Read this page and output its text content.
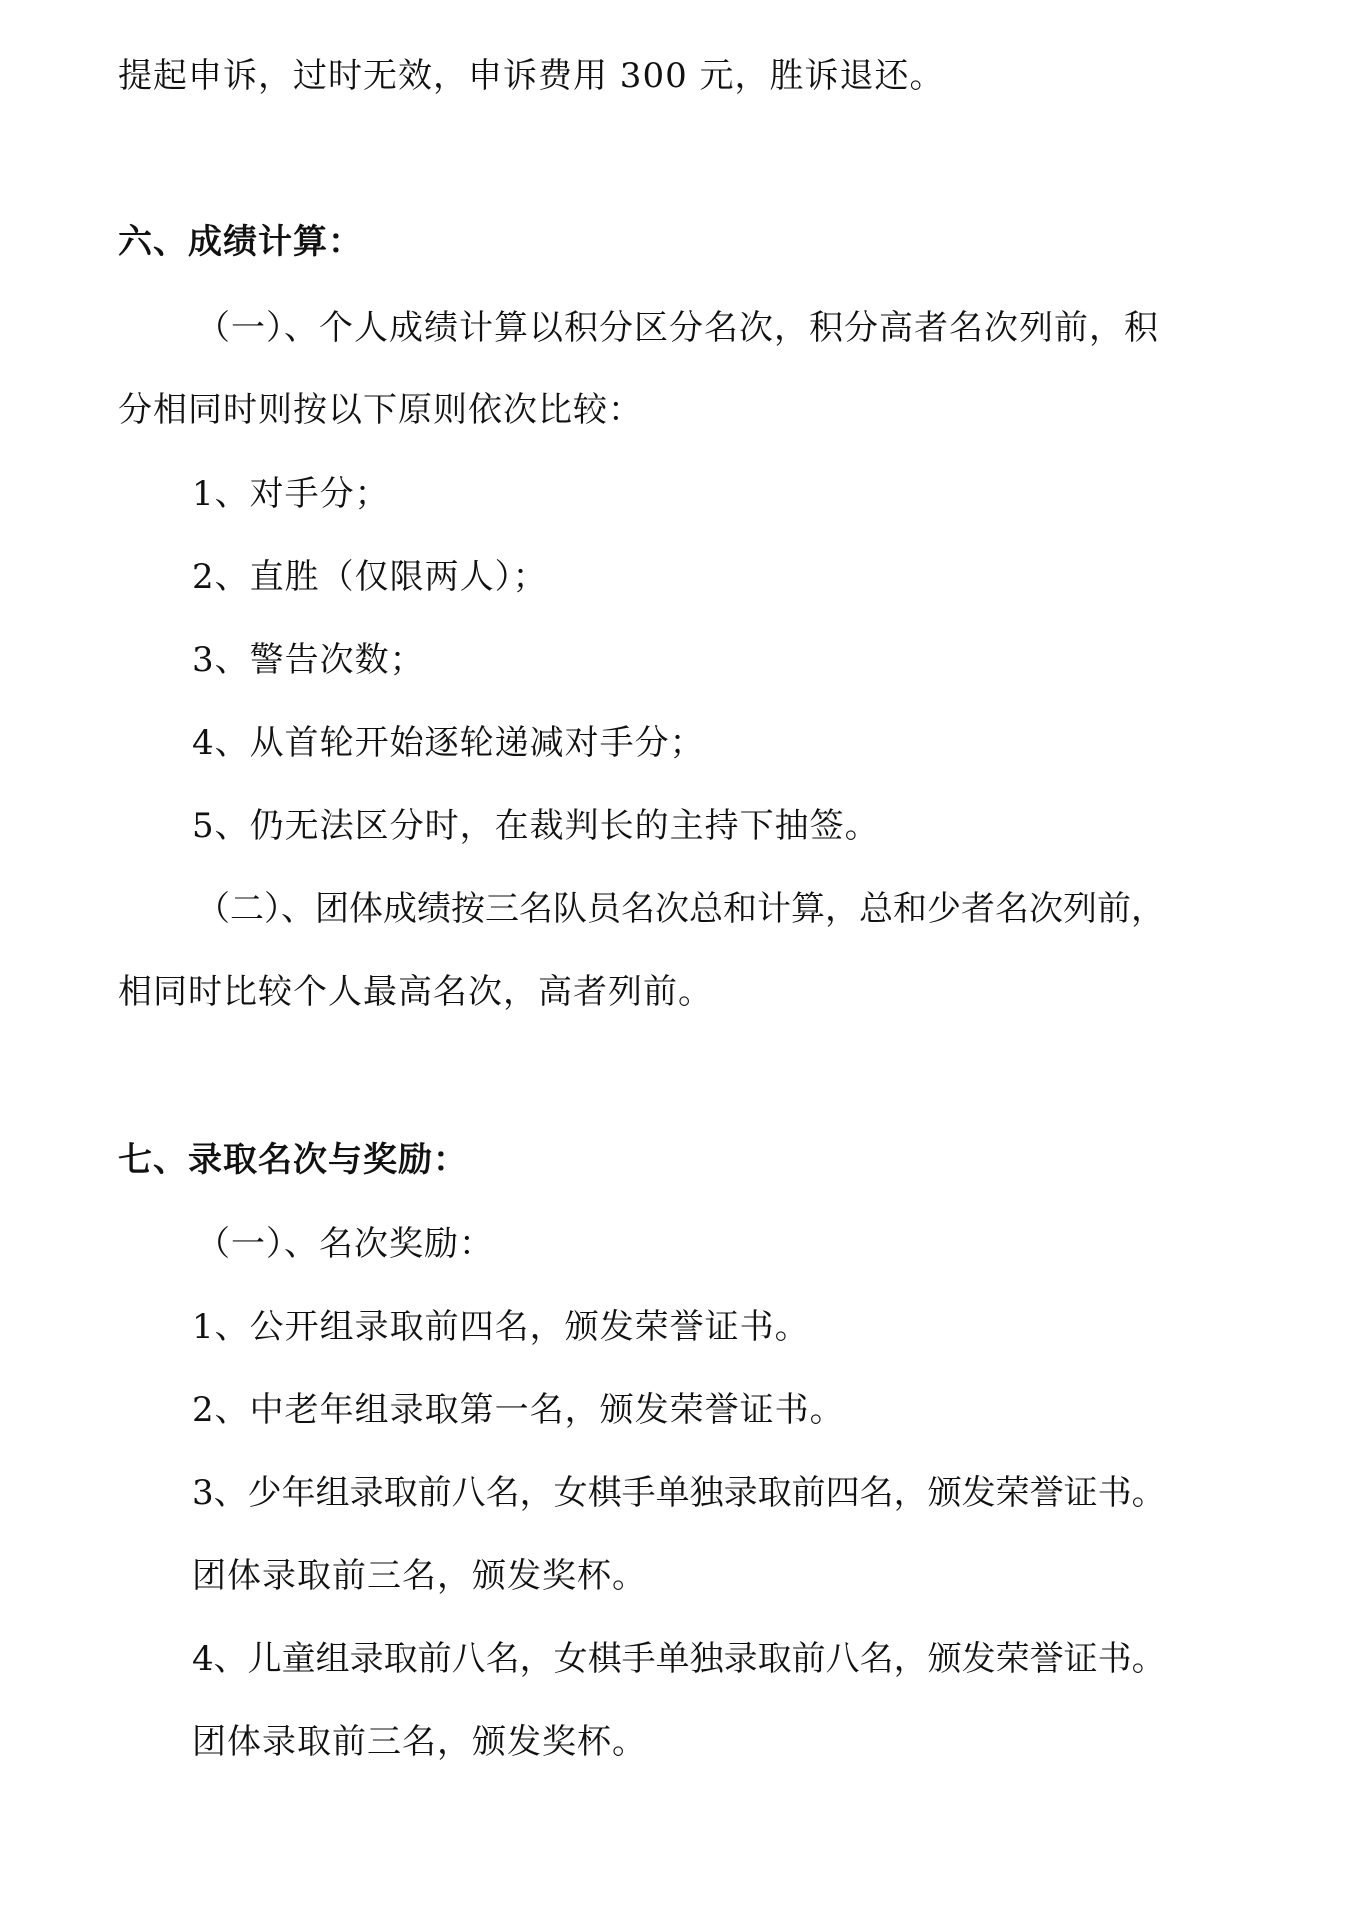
提起申诉，过时无效，申诉费用 300 元，胜诉退还。
六、成绩计算：
（一）、个人成绩计算以积分区分名次，积分高者名次列前，积
分相同时则按以下原则依次比较：
1、对手分；
2、直胜（仅限两人）；
3、警告次数；
4、从首轮开始逐轮递减对手分；
5、仍无法区分时，在裁判长的主持下抽签。
（二）、团体成绩按三名队员名次总和计算，总和少者名次列前，
相同时比较个人最高名次，高者列前。
七、录取名次与奖励：
（一）、名次奖励：
1、公开组录取前四名，颁发荣誉证书。
2、中老年组录取第一名，颁发荣誉证书。
3、少年组录取前八名，女棋手单独录取前四名，颁发荣誉证书。
团体录取前三名，颁发奖杯。
4、儿童组录取前八名，女棋手单独录取前八名，颁发荣誉证书。
团体录取前三名，颁发奖杯。
